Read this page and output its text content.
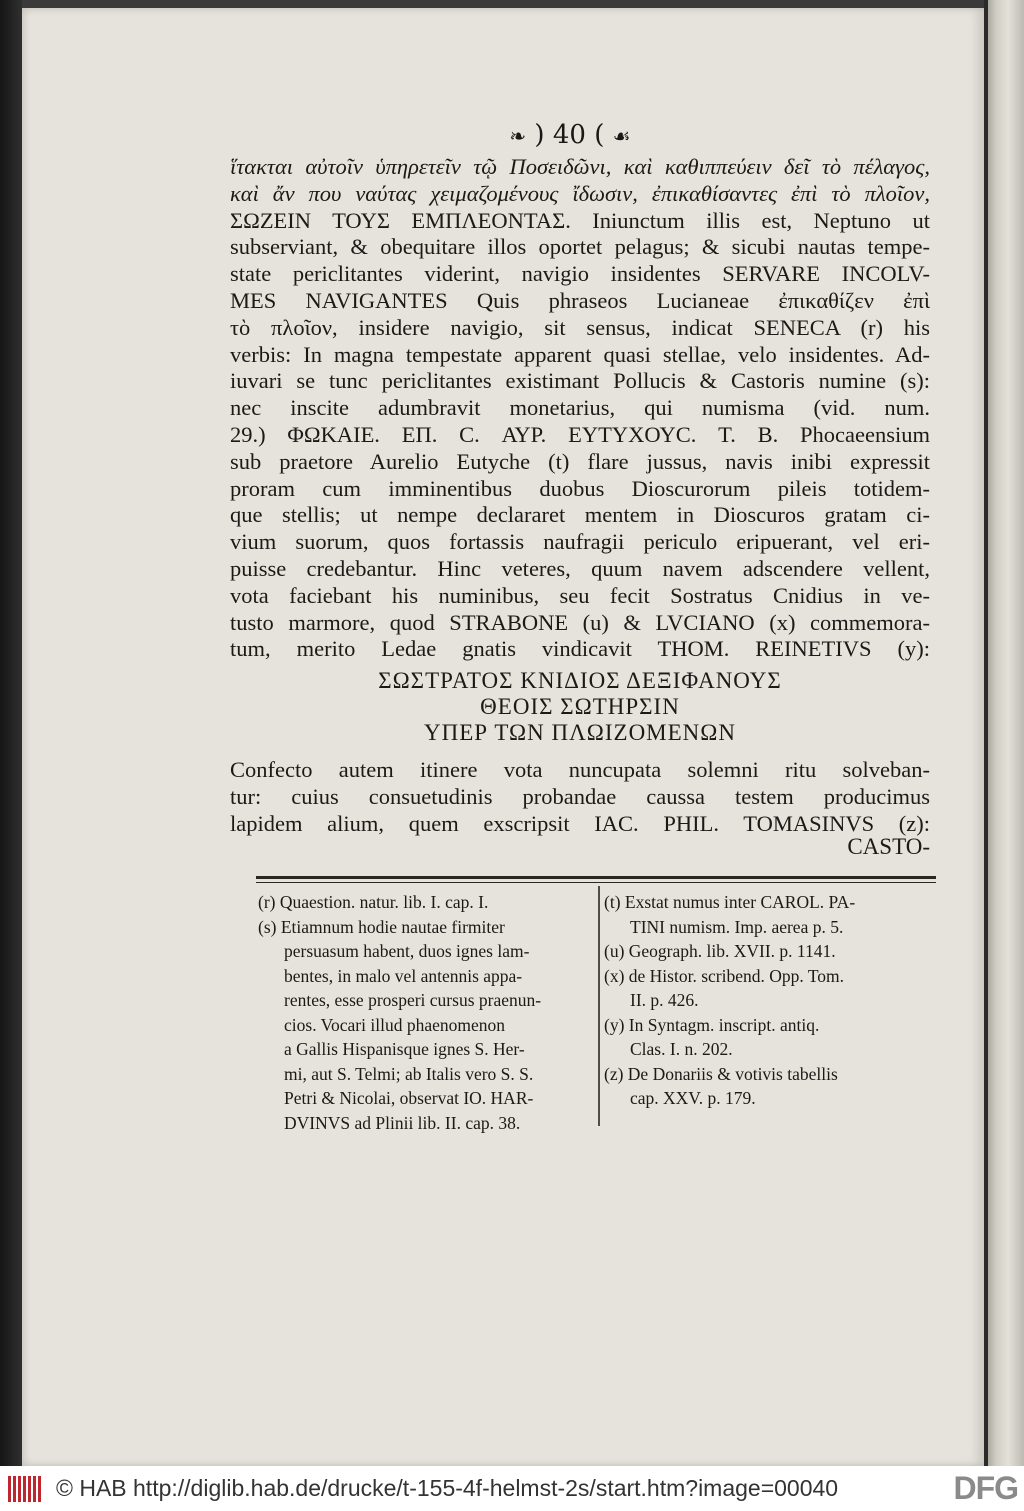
❧ ) 40 ( ☙
ἵτακται αὐτοῖν ὑπηρετεῖν τῷ Ποσειδῶνι, καὶ καθιππεύειν δεῖ τὸ πέλαγος,
καὶ ἄν που ναύτας χειμαζομένους ἴδωσιν, ἐπικαθίσαντες ἐπὶ τὸ πλοῖον,
ΣΩΖΕΙΝ ΤΟΥΣ ΕΜΠΛΕΟΝΤΑΣ. Iniunctum illis est, Neptuno ut
subserviant, & obequitare illos oportet pelagus; & sicubi nautas tempe-
state periclitantes viderint, navigio insidentes SERVARE INCOLV-
MES NAVIGANTES Quis phraseos Lucianeae ἐπικαθίζεν ἐπὶ
τὸ πλοῖον, insidere navigio, sit sensus, indicat SENECA (r) his
verbis: In magna tempestate apparent quasi stellae, velo insidentes. Ad-
iuvari se tunc periclitantes existimant Pollucis & Castoris numine (s):
nec inscite adumbravit monetarius, qui numisma (vid. num.
29.) ΦΩΚΑΙΕ. ΕΠ. C. ΑΥΡ. ΕΥΤΥΧΟΥC. Τ. Β. Phocaeensium
sub praetore Aurelio Eutyche (t) flare jussus, navis inibi expressit
proram cum imminentibus duobus Dioscurorum pileis totidem-
que stellis; ut nempe declararet mentem in Dioscuros gratam ci-
vium suorum, quos fortassis naufragii periculo eripuerant, vel eri-
puisse credebantur. Hinc veteres, quum navem adscendere vellent,
vota faciebant his numinibus, seu fecit Sostratus Cnidius in ve-
tusto marmore, quod STRABONE (u) & LVCIANO (x) commemora-
tum, merito Ledae gnatis vindicavit THOM. REINETIVS (y):
ΣΩΣΤΡΑΤΟΣ ΚΝΙΔΙΟΣ ΔΕΞΙΦΑΝΟΥΣ
ΘΕΟΙΣ ΣΩΤΗΡΣΙΝ
ΥΠΕΡ ΤΩΝ ΠΛΩΙΖΟΜΕΝΩΝ
Confecto autem itinere vota nuncupata solemni ritu solveban-
tur: cuius consuetudinis probandae caussa testem producimus
lapidem alium, quem exscripsit IAC. PHIL. TOMASINVS (z):
CASTO-
(r) Quaestion. natur. lib. I. cap. I.
(s) Etiamnum hodie nautae firmiter
persuasum habent, duos ignes lam-
bentes, in malo vel antennis appa-
rentes, esse prosperi cursus praenun-
cios. Vocari illud phaenomenon
a Gallis Hispanisque ignes S. Her-
mi, aut S. Telmi; ab Italis vero S. S.
Petri & Nicolai, observat IO. HAR-
DVINVS ad Plinii lib. II. cap. 38.
(t) Exstat numus inter CAROL. PA-
TINI numism. Imp. aerea p. 5.
(u) Geograph. lib. XVII. p. 1141.
(x) de Histor. scribend. Opp. Tom.
II. p. 426.
(y) In Syntagm. inscript. antiq.
Clas. I. n. 202.
(z) De Donariis & votivis tabellis
cap. XXV. p. 179.
© HAB http://diglib.hab.de/drucke/t-155-4f-helmst-2s/start.htm?image=00040	DFG
